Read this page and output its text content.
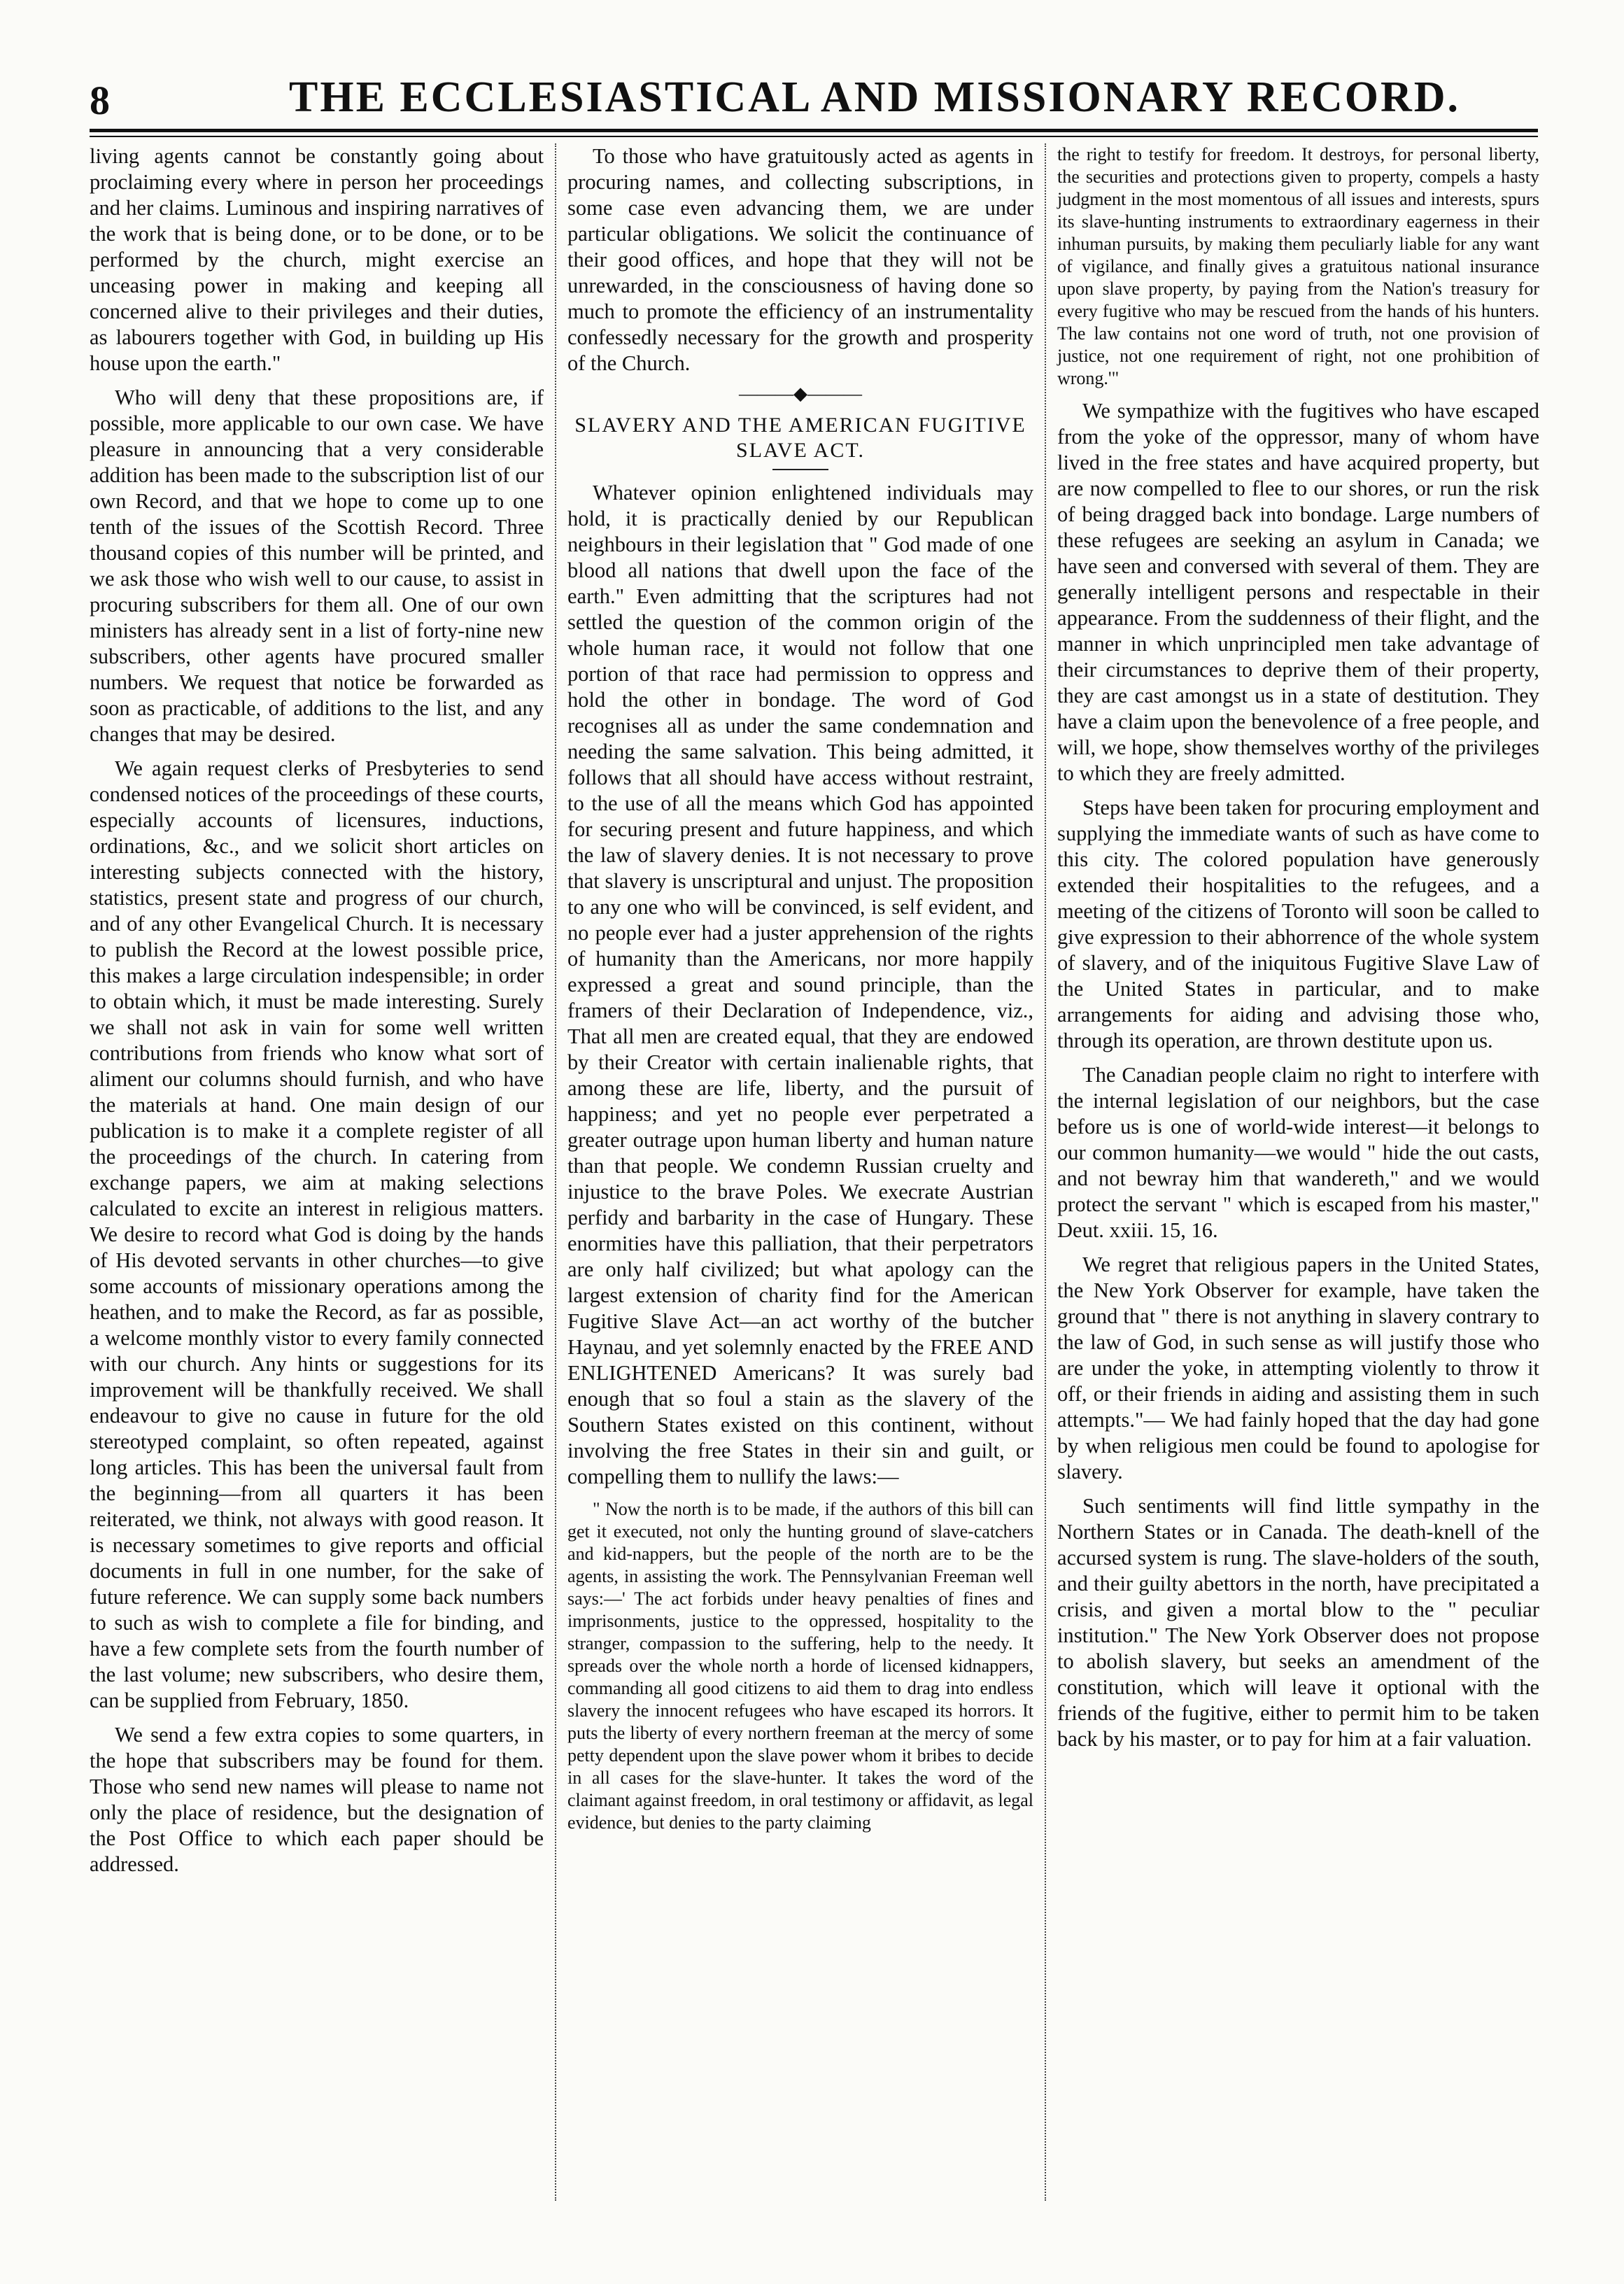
8	THE ECCLESIASTICAL AND MISSIONARY RECORD.

living agents cannot be constantly going about proclaiming every where in person her proceedings and her claims. Luminous and inspiring narratives of the work that is being done, or to be done, or to be performed by the church, might exercise an unceasing power in making and keeping all concerned alive to their privileges and their duties, as labourers together with God, in building up His house upon the earth."

Who will deny that these propositions are, if possible, more applicable to our own case. We have pleasure in announcing that a very considerable addition has been made to the subscription list of our own Record, and that we hope to come up to one tenth of the issues of the Scottish Record. Three thousand copies of this number will be printed, and we ask those who wish well to our cause, to assist in procuring subscribers for them all. One of our own ministers has already sent in a list of forty-nine new subscribers, other agents have procured smaller numbers. We request that notice be forwarded as soon as practicable, of additions to the list, and any changes that may be desired.

We again request clerks of Presbyteries to send condensed notices of the proceedings of these courts, especially accounts of licensures, inductions, ordinations, &c., and we solicit short articles on interesting subjects connected with the history, statistics, present state and progress of our church, and of any other Evangelical Church. It is necessary to publish the Record at the lowest possible price, this makes a large circulation indespensible; in order to obtain which, it must be made interesting. Surely we shall not ask in vain for some well written contributions from friends who know what sort of aliment our columns should furnish, and who have the materials at hand. One main design of our publication is to make it a complete register of all the proceedings of the church. In catering from exchange papers, we aim at making selections calculated to excite an interest in religious matters. We desire to record what God is doing by the hands of His devoted servants in other churches—to give some accounts of missionary operations among the heathen, and to make the Record, as far as possible, a welcome monthly vistor to every family connected with our church. Any hints or suggestions for its improvement will be thankfully received. We shall endeavour to give no cause in future for the old stereotyped complaint, so often repeated, against long articles. This has been the universal fault from the beginning—from all quarters it has been reiterated, we think, not always with good reason. It is necessary sometimes to give reports and official documents in full in one number, for the sake of future reference. We can supply some back numbers to such as wish to complete a file for binding, and have a few complete sets from the fourth number of the last volume; new subscribers, who desire them, can be supplied from February, 1850.

We send a few extra copies to some quarters, in the hope that subscribers may be found for them. Those who send new names will please to name not only the place of residence, but the designation of the Post Office to which each paper should be addressed.

To those who have gratuitously acted as agents in procuring names, and collecting subscriptions, in some case even advancing them, we are under particular obligations. We solicit the continuance of their good offices, and hope that they will not be unrewarded, in the consciousness of having done so much to promote the efficiency of an instrumentality confessedly necessary for the growth and prosperity of the Church.

———◆———
SLAVERY AND THE AMERICAN FUGITIVE SLAVE ACT.

Whatever opinion enlightened individuals may hold, it is practically denied by our Republican neighbours in their legislation that " God made of one blood all nations that dwell upon the face of the earth." Even admitting that the scriptures had not settled the question of the common origin of the whole human race, it would not follow that one portion of that race had permission to oppress and hold the other in bondage. The word of God recognises all as under the same condemnation and needing the same salvation. This being admitted, it follows that all should have access without restraint, to the use of all the means which God has appointed for securing present and future happiness, and which the law of slavery denies. It is not necessary to prove that slavery is unscriptural and unjust. The proposition to any one who will be convinced, is self evident, and no people ever had a juster apprehension of the rights of humanity than the Americans, nor more happily expressed a great and sound principle, than the framers of their Declaration of Independence, viz., That all men are created equal, that they are endowed by their Creator with certain inalienable rights, that among these are life, liberty, and the pursuit of happiness; and yet no people ever perpetrated a greater outrage upon human liberty and human nature than that people. We condemn Russian cruelty and injustice to the brave Poles. We execrate Austrian perfidy and barbarity in the case of Hungary. These enormities have this palliation, that their perpetrators are only half civilized; but what apology can the largest extension of charity find for the American Fugitive Slave Act—an act worthy of the butcher Haynau, and yet solemnly enacted by the FREE AND ENLIGHTENED Americans? It was surely bad enough that so foul a stain as the slavery of the Southern States existed on this continent, without involving the free States in their sin and guilt, or compelling them to nullify the laws:—

" Now the north is to be made, if the authors of this bill can get it executed, not only the hunting ground of slave-catchers and kid-nappers, but the people of the north are to be the agents, in assisting the work. The Pennsylvanian Freeman well says:—' The act forbids under heavy penalties of fines and imprisonments, justice to the oppressed, hospitality to the stranger, compassion to the suffering, help to the needy. It spreads over the whole north a horde of licensed kidnappers, commanding all good citizens to aid them to drag into endless slavery the innocent refugees who have escaped its horrors. It puts the liberty of every northern freeman at the mercy of some petty dependent upon the slave power whom it bribes to decide in all cases for the slave-hunter. It takes the word of the claimant against freedom, in oral testimony or affidavit, as legal evidence, but denies to the party claiming

the right to testify for freedom. It destroys, for personal liberty, the securities and protections given to property, compels a hasty judgment in the most momentous of all issues and interests, spurs its slave-hunting instruments to extraordinary eagerness in their inhuman pursuits, by making them peculiarly liable for any want of vigilance, and finally gives a gratuitous national insurance upon slave property, by paying from the Nation's treasury for every fugitive who may be rescued from the hands of his hunters. The law contains not one word of truth, not one provision of justice, not one requirement of right, not one prohibition of wrong.'"

We sympathize with the fugitives who have escaped from the yoke of the oppressor, many of whom have lived in the free states and have acquired property, but are now compelled to flee to our shores, or run the risk of being dragged back into bondage. Large numbers of these refugees are seeking an asylum in Canada; we have seen and conversed with several of them. They are generally intelligent persons and respectable in their appearance. From the suddenness of their flight, and the manner in which unprincipled men take advantage of their circumstances to deprive them of their property, they are cast amongst us in a state of destitution. They have a claim upon the benevolence of a free people, and will, we hope, show themselves worthy of the privileges to which they are freely admitted.

Steps have been taken for procuring employment and supplying the immediate wants of such as have come to this city. The colored population have generously extended their hospitalities to the refugees, and a meeting of the citizens of Toronto will soon be called to give expression to their abhorrence of the whole system of slavery, and of the iniquitous Fugitive Slave Law of the United States in particular, and to make arrangements for aiding and advising those who, through its operation, are thrown destitute upon us.

The Canadian people claim no right to interfere with the internal legislation of our neighbors, but the case before us is one of world-wide interest—it belongs to our common humanity—we would " hide the out casts, and not bewray him that wandereth," and we would protect the servant " which is escaped from his master," Deut. xxiii. 15, 16.

We regret that religious papers in the United States, the New York Observer for example, have taken the ground that " there is not anything in slavery contrary to the law of God, in such sense as will justify those who are under the yoke, in attempting violently to throw it off, or their friends in aiding and assisting them in such attempts."— We had fainly hoped that the day had gone by when religious men could be found to apologise for slavery.

Such sentiments will find little sympathy in the Northern States or in Canada. The death-knell of the accursed system is rung. The slave-holders of the south, and their guilty abettors in the north, have precipitated a crisis, and given a mortal blow to the " peculiar institution." The New York Observer does not propose to abolish slavery, but seeks an amendment of the constitution, which will leave it optional with the friends of the fugitive, either to permit him to be taken back by his master, or to pay for him at a fair valuation.
